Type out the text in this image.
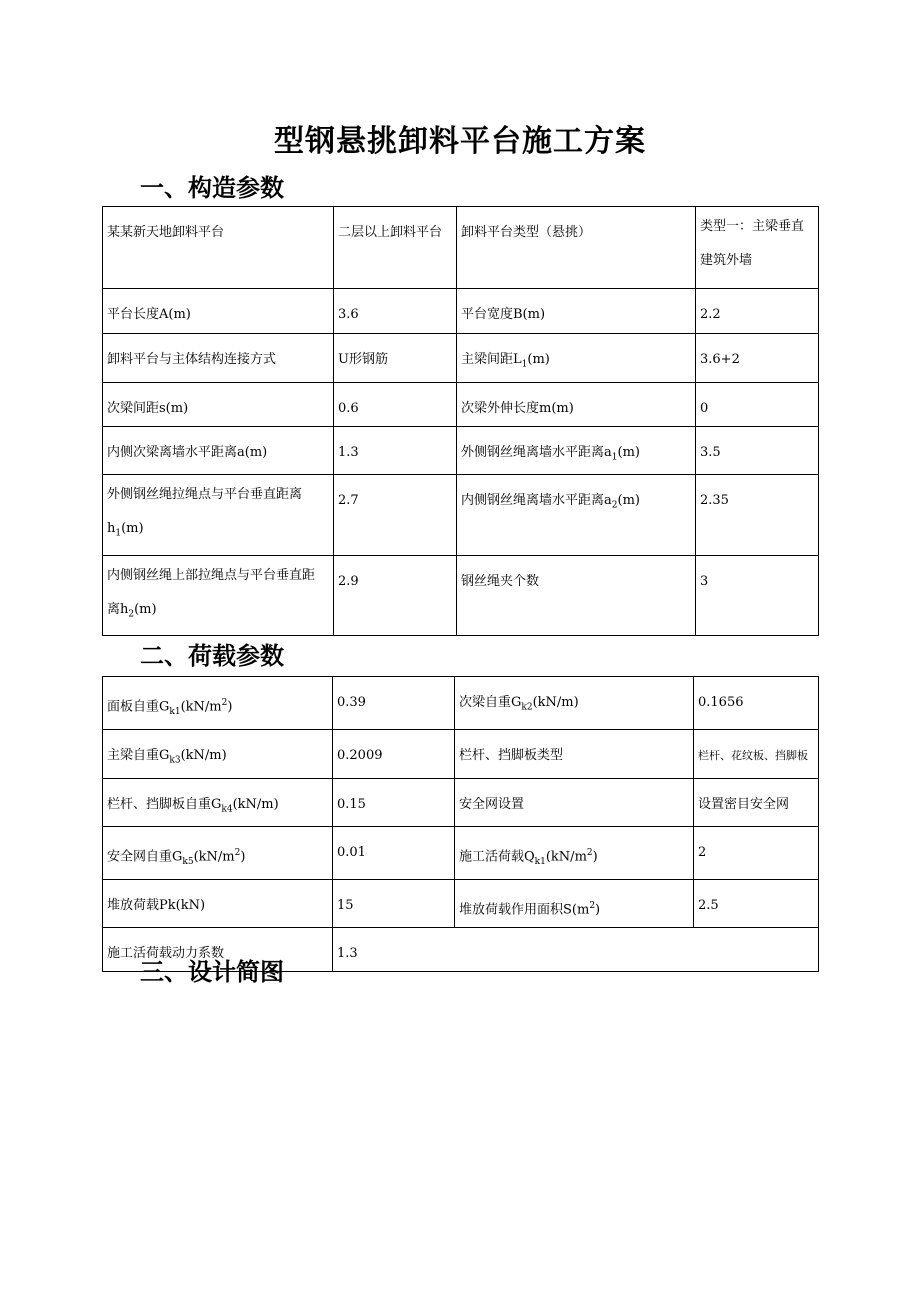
型钢悬挑卸料平台施工方案
一、构造参数
某某新天地卸料平台	二层以上卸料平台	卸料平台类型（悬挑）	类型一：主梁垂直
建筑外墙

平台长度A(m)	3.6	平台宽度B(m)	2.2
卸料平台与主体结构连接方式	U形钢筋	主梁间距$L_1(m)$	3.6+2
次梁间距s(m)	0.6	次梁外伸长度m(m)	0
内侧次梁离墙水平距离a(m)	1.3	外侧钢丝绳离墙水平距离$a_1(m)$	3.5

外侧钢丝绳拉绳点与平台垂直距离
$h_1(m)$	2.7	内侧钢丝绳离墙水平距离$a_2(m)$	2.35

内侧钢丝绳上部拉绳点与平台垂直距
离$h_2(m)$	2.9	钢丝绳夹个数	3
二、荷载参数
面板自重$G_{k1}(kN/m^2)$	0.39	次梁自重$G_{k2}(kN/m)$	0.1656
主梁自重$G_{k3}(kN/m)$	0.2009	栏杆、挡脚板类型	栏杆、花纹板、挡脚板
栏杆、挡脚板自重$G_{k4}(kN/m)$	0.15	安全网设置	设置密目安全网
安全网自重$G_{k5}(kN/m^2)$	0.01	施工活荷载$Q_{k1}(kN/m^2)$	2
堆放荷载Pk(kN)	15	堆放荷载作用面积$S(m^2)$	2.5
施工活荷载动力系数	1.3		
三、设计简图
